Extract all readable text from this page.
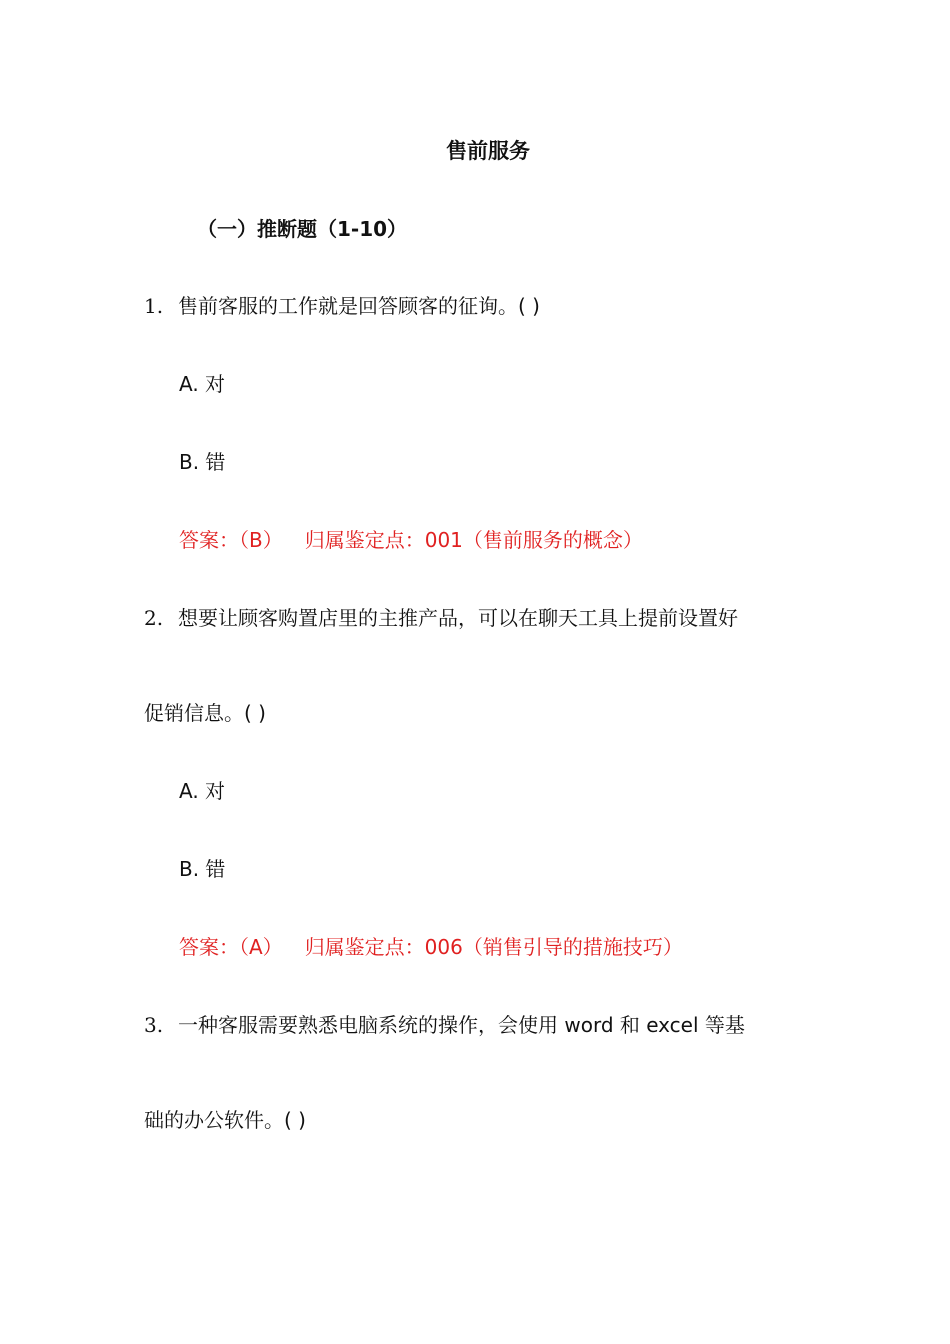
售前服务
（一）推断题（1-10）
1. 售前客服的工作就是回答顾客的征询。( )
A. 对
B. 错
答案：（B） 归属鉴定点：001（售前服务的概念）
2. 想要让顾客购置店里的主推产品，可以在聊天工具上提前设置好
促销信息。( )
A. 对
B. 错
答案：（A） 归属鉴定点：006（销售引导的措施技巧）
3. 一种客服需要熟悉电脑系统的操作，会使用 word 和 excel 等基
础的办公软件。( )
